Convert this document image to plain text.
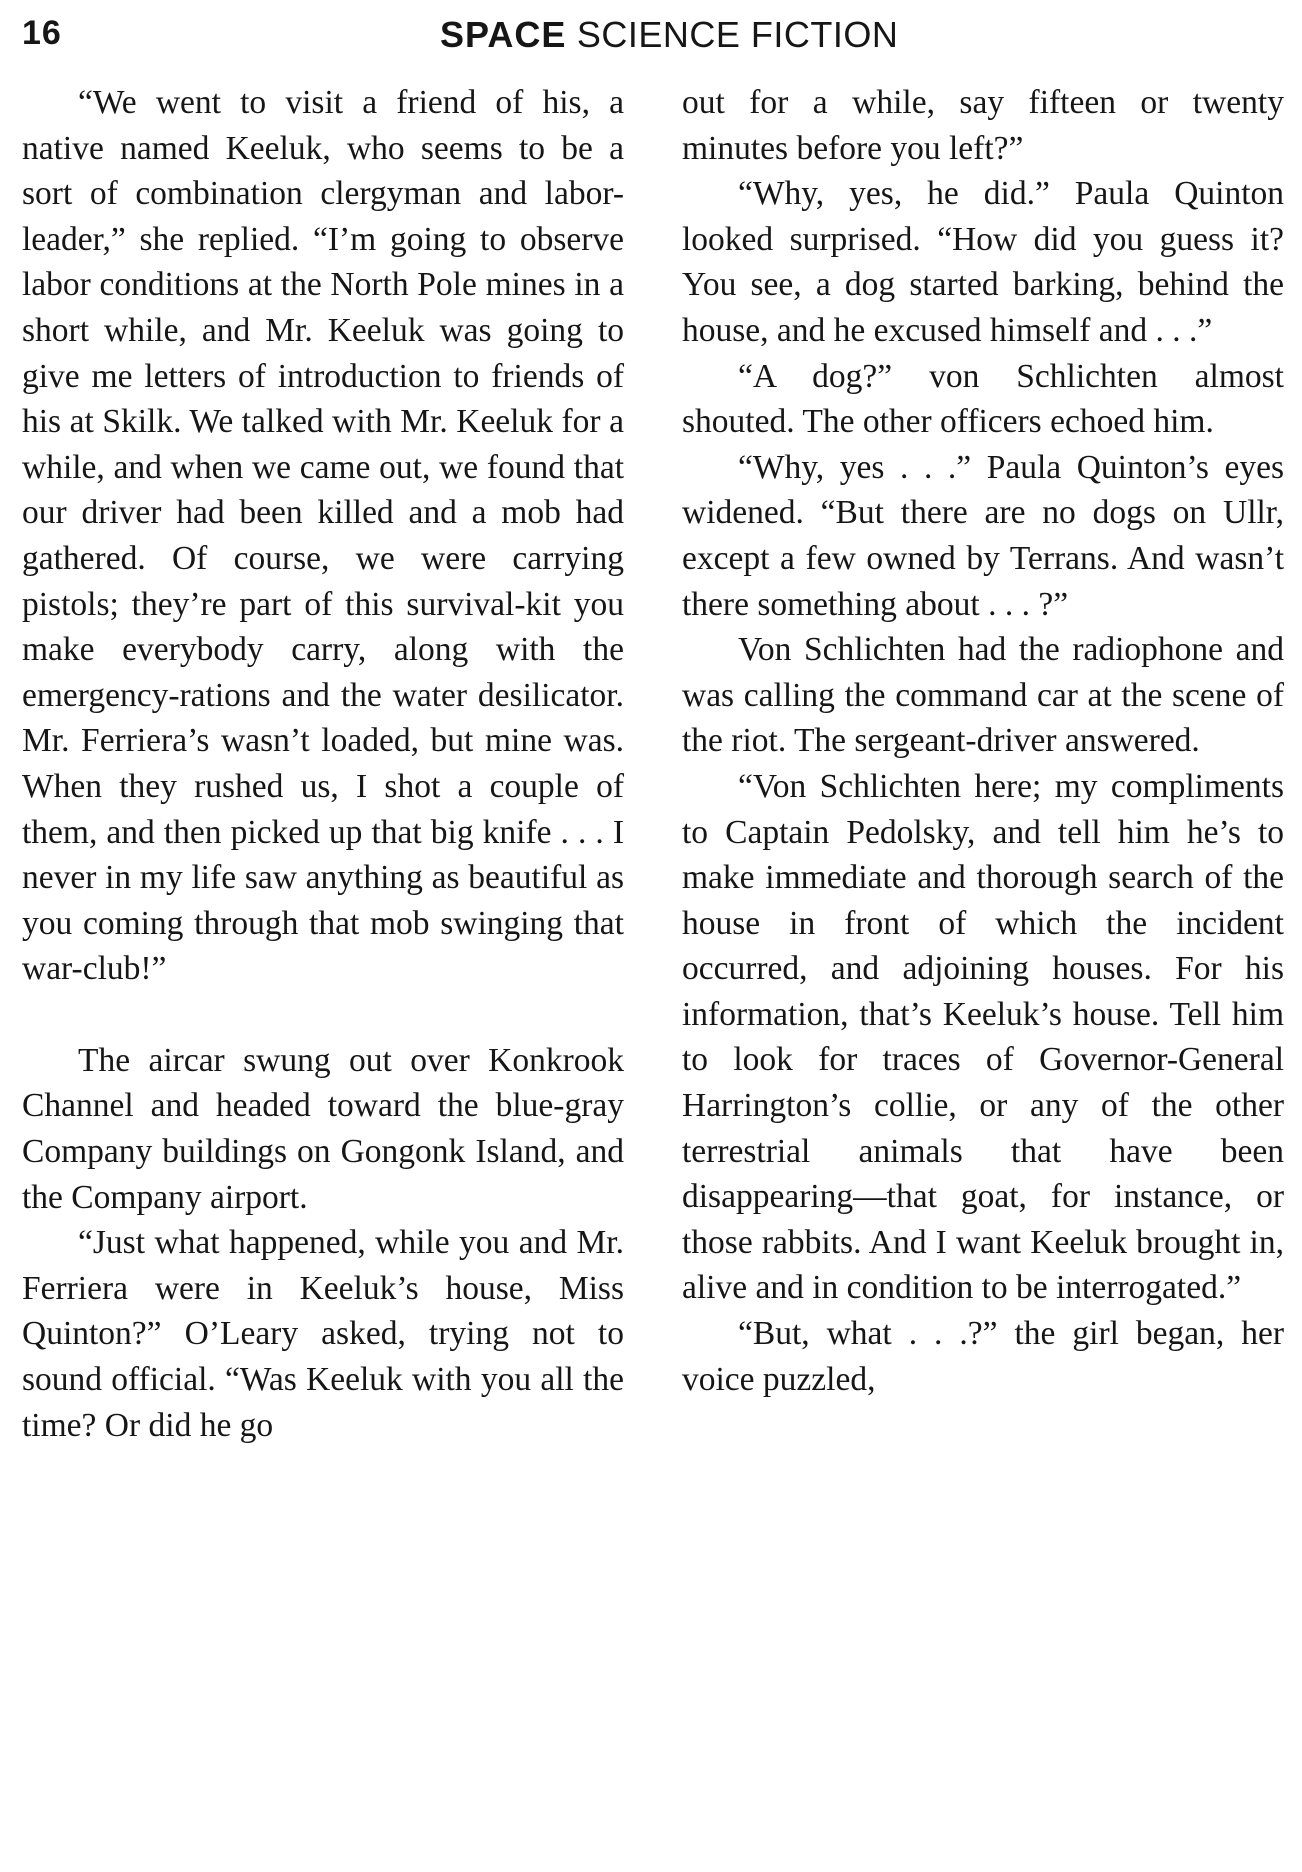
16	SPACE SCIENCE FICTION

“We went to visit a friend of his, a native named Keeluk, who seems to be a sort of combination clergyman and labor-leader,” she replied. “I’m going to observe labor conditions at the North Pole mines in a short while, and Mr. Keeluk was going to give me letters of introduction to friends of his at Skilk. We talked with Mr. Keeluk for a while, and when we came out, we found that our driver had been killed and a mob had gathered. Of course, we were carrying pistols; they’re part of this survival-kit you make everybody carry, along with the emergency-rations and the water desilicator. Mr. Ferriera’s wasn’t loaded, but mine was. When they rushed us, I shot a couple of them, and then picked up that big knife . . . I never in my life saw anything as beautiful as you coming through that mob swinging that war-club!”

The aircar swung out over Konkrook Channel and headed toward the blue-gray Company buildings on Gongonk Island, and the Company airport.

“Just what happened, while you and Mr. Ferriera were in Keeluk’s house, Miss Quinton?” O’Leary asked, trying not to sound official. “Was Keeluk with you all the time? Or did he go

out for a while, say fifteen or twenty minutes before you left?”

“Why, yes, he did.” Paula Quinton looked surprised. “How did you guess it? You see, a dog started barking, behind the house, and he excused himself and . . .”

“A dog?” von Schlichten almost shouted. The other officers echoed him.

“Why, yes . . .” Paula Quinton’s eyes widened. “But there are no dogs on Ullr, except a few owned by Terrans. And wasn’t there something about . . . ?”

Von Schlichten had the radiophone and was calling the command car at the scene of the riot. The sergeant-driver answered.

“Von Schlichten here; my compliments to Captain Pedolsky, and tell him he’s to make immediate and thorough search of the house in front of which the incident occurred, and adjoining houses. For his information, that’s Keeluk’s house. Tell him to look for traces of Governor-General Harrington’s collie, or any of the other terrestrial animals that have been disappearing—that goat, for instance, or those rabbits. And I want Keeluk brought in, alive and in condition to be interrogated.”

“But, what . . .?” the girl began, her voice puzzled,
